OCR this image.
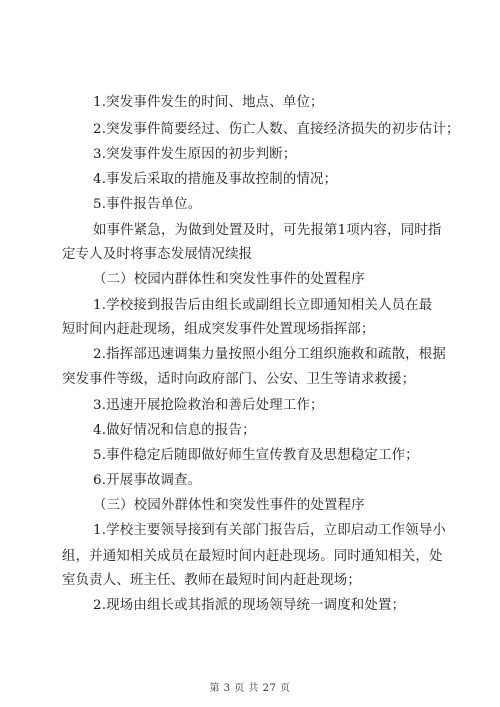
1.突发事件发生的时间、地点、单位；
2.突发事件简要经过、伤亡人数、直接经济损失的初步估计；
3.突发事件发生原因的初步判断；
4.事发后采取的措施及事故控制的情况；
5.事件报告单位。
如事件紧急，为做到处置及时，可先报第1项内容，同时指
定专人及时将事态发展情况续报
（二）校园内群体性和突发性事件的处置程序
1.学校接到报告后由组长或副组长立即通知相关人员在最
短时间内赶赴现场，组成突发事件处置现场指挥部；
2.指挥部迅速调集力量按照小组分工组织施救和疏散，根据
突发事件等级，适时向政府部门、公安、卫生等请求救援；
3.迅速开展抢险救治和善后处理工作；
4.做好情况和信息的报告；
5.事件稳定后随即做好师生宣传教育及思想稳定工作；
6.开展事故调查。
（三）校园外群体性和突发性事件的处置程序
1.学校主要领导接到有关部门报告后，立即启动工作领导小
组，并通知相关成员在最短时间内赶赴现场。同时通知相关，处
室负责人、班主任、教师在最短时间内赶赴现场；
2.现场由组长或其指派的现场领导统一调度和处置；
第 3 页 共 27 页
